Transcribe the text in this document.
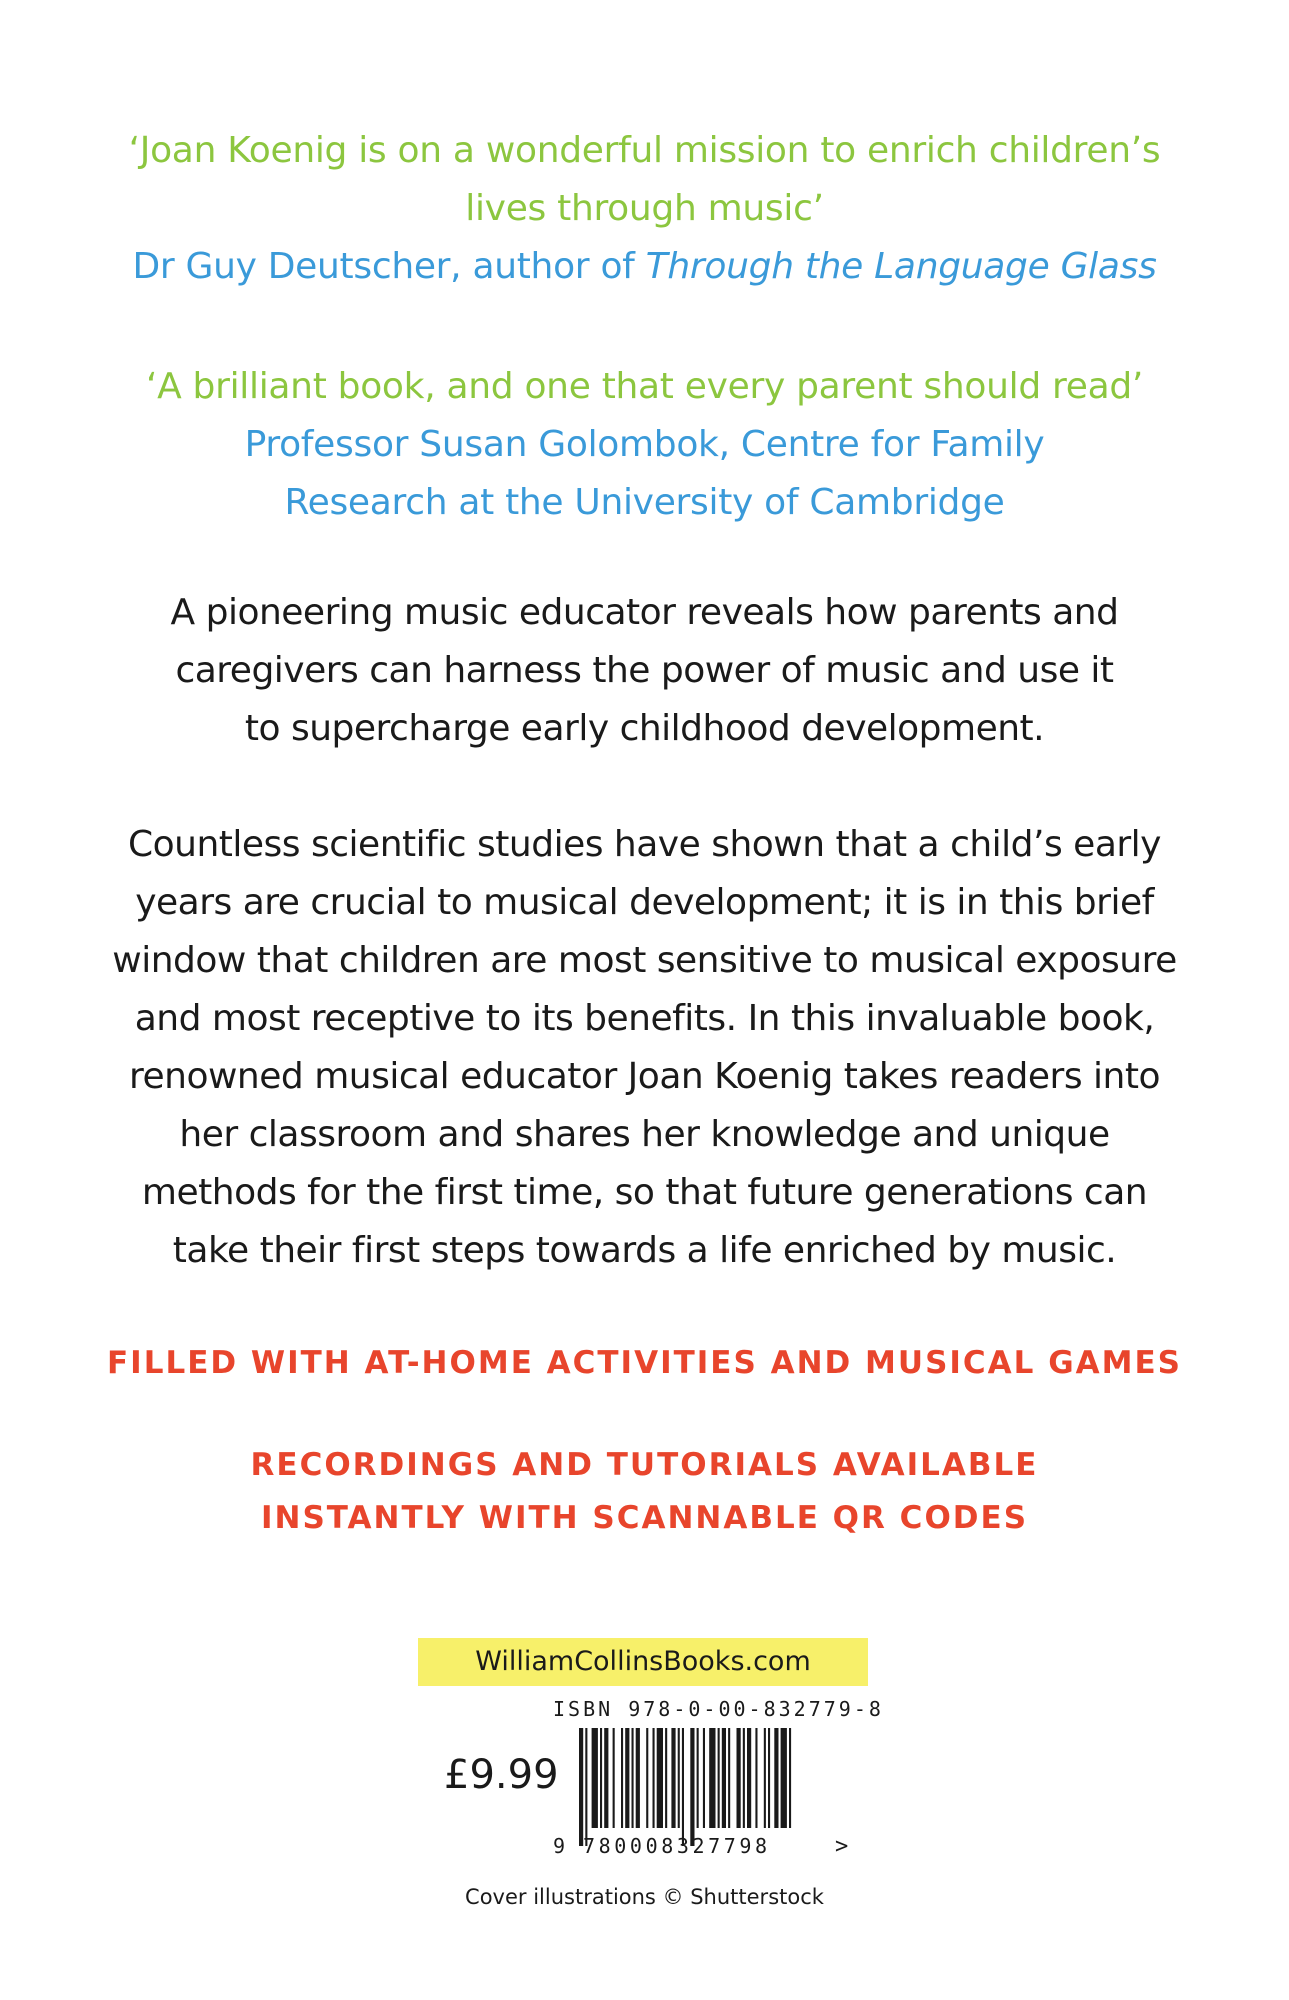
‘Joan Koenig is on a wonderful mission to enrich children’s lives through music’

Dr Guy Deutscher, author of Through the Language Glass

‘A brilliant book, and one that every parent should read’

Professor Susan Golombok, Centre for Family Research at the University of Cambridge

A pioneering music educator reveals how parents and caregivers can harness the power of music and use it to supercharge early childhood development.

Countless scientific studies have shown that a child’s early years are crucial to musical development; it is in this brief window that children are most sensitive to musical exposure and most receptive to its benefits. In this invaluable book, renowned musical educator Joan Koenig takes readers into her classroom and shares her knowledge and unique methods for the first time, so that future generations can take their first steps towards a life enriched by music.

FILLED WITH AT-HOME ACTIVITIES AND MUSICAL GAMES

RECORDINGS AND TUTORIALS AVAILABLE INSTANTLY WITH SCANNABLE QR CODES

WilliamCollinsBooks.com
ISBN 978-0-00-832779-8
£9.99
9 780008327798	>
Cover illustrations © Shutterstock
